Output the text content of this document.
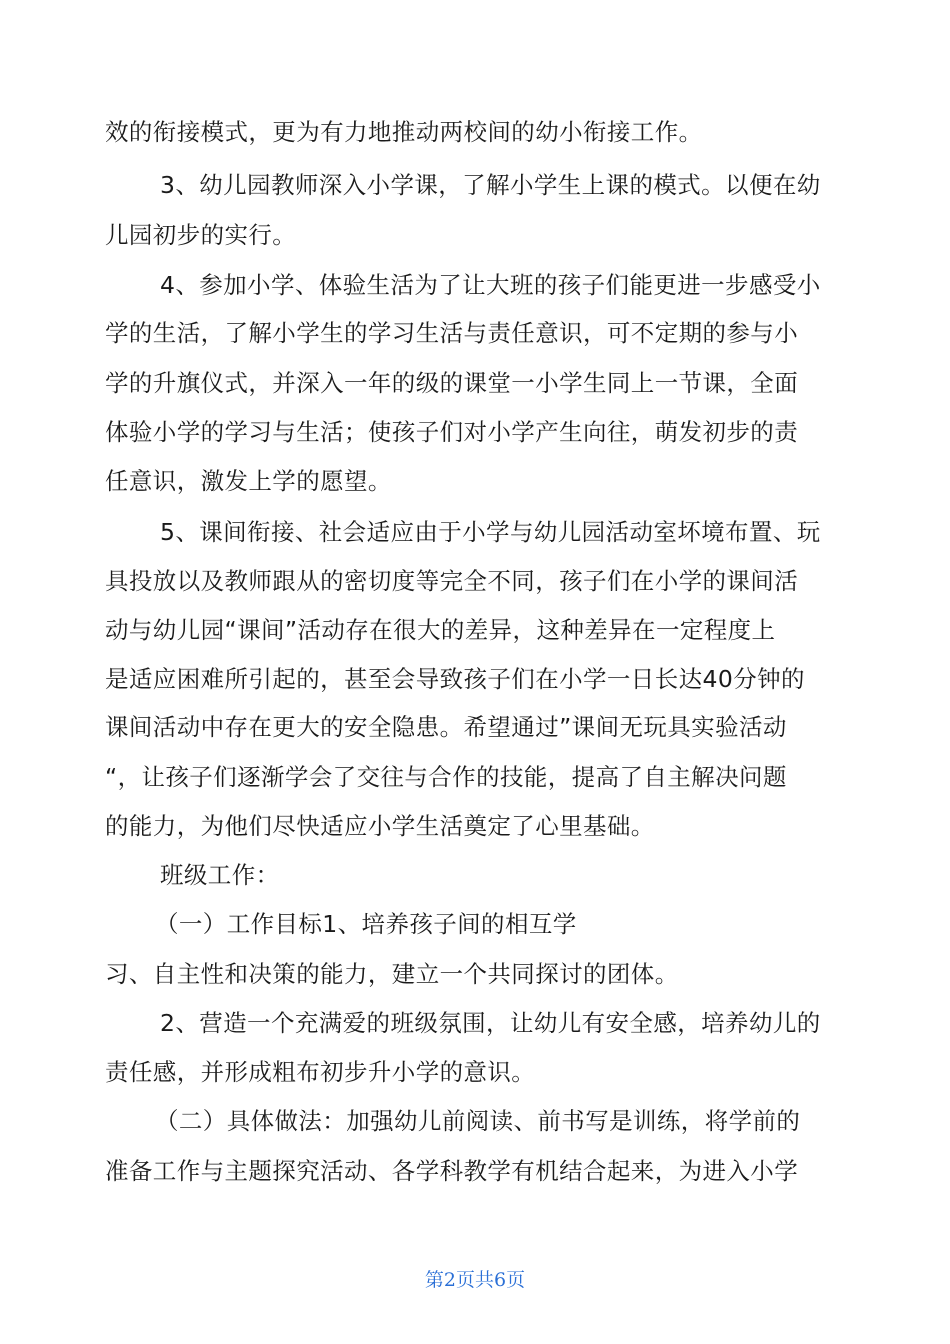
效的衔接模式，更为有力地推动两校间的幼小衔接工作。
3、幼儿园教师深入小学课，了解小学生上课的模式。以便在幼
儿园初步的实行。
4、参加小学、体验生活为了让大班的孩子们能更进一步感受小
学的生活，了解小学生的学习生活与责任意识，可不定期的参与小
学的升旗仪式，并深入一年的级的课堂一小学生同上一节课，全面
体验小学的学习与生活；使孩子们对小学产生向往，萌发初步的责
任意识，激发上学的愿望。
5、课间衔接、社会适应由于小学与幼儿园活动室坏境布置、玩
具投放以及教师跟从的密切度等完全不同，孩子们在小学的课间活
动与幼儿园“课间”活动存在很大的差异，这种差异在一定程度上
是适应困难所引起的，甚至会导致孩子们在小学一日长达40分钟的
课间活动中存在更大的安全隐患。希望通过”课间无玩具实验活动
“，让孩子们逐渐学会了交往与合作的技能，提高了自主解决问题
的能力，为他们尽快适应小学生活奠定了心里基础。
班级工作：
（一）工作目标1、培养孩子间的相互学
习、自主性和决策的能力，建立一个共同探讨的团体。
2、营造一个充满爱的班级氛围，让幼儿有安全感，培养幼儿的
责任感，并形成粗布初步升小学的意识。
（二）具体做法：加强幼儿前阅读、前书写是训练，将学前的
准备工作与主题探究活动、各学科教学有机结合起来，为进入小学
第2页共6页
